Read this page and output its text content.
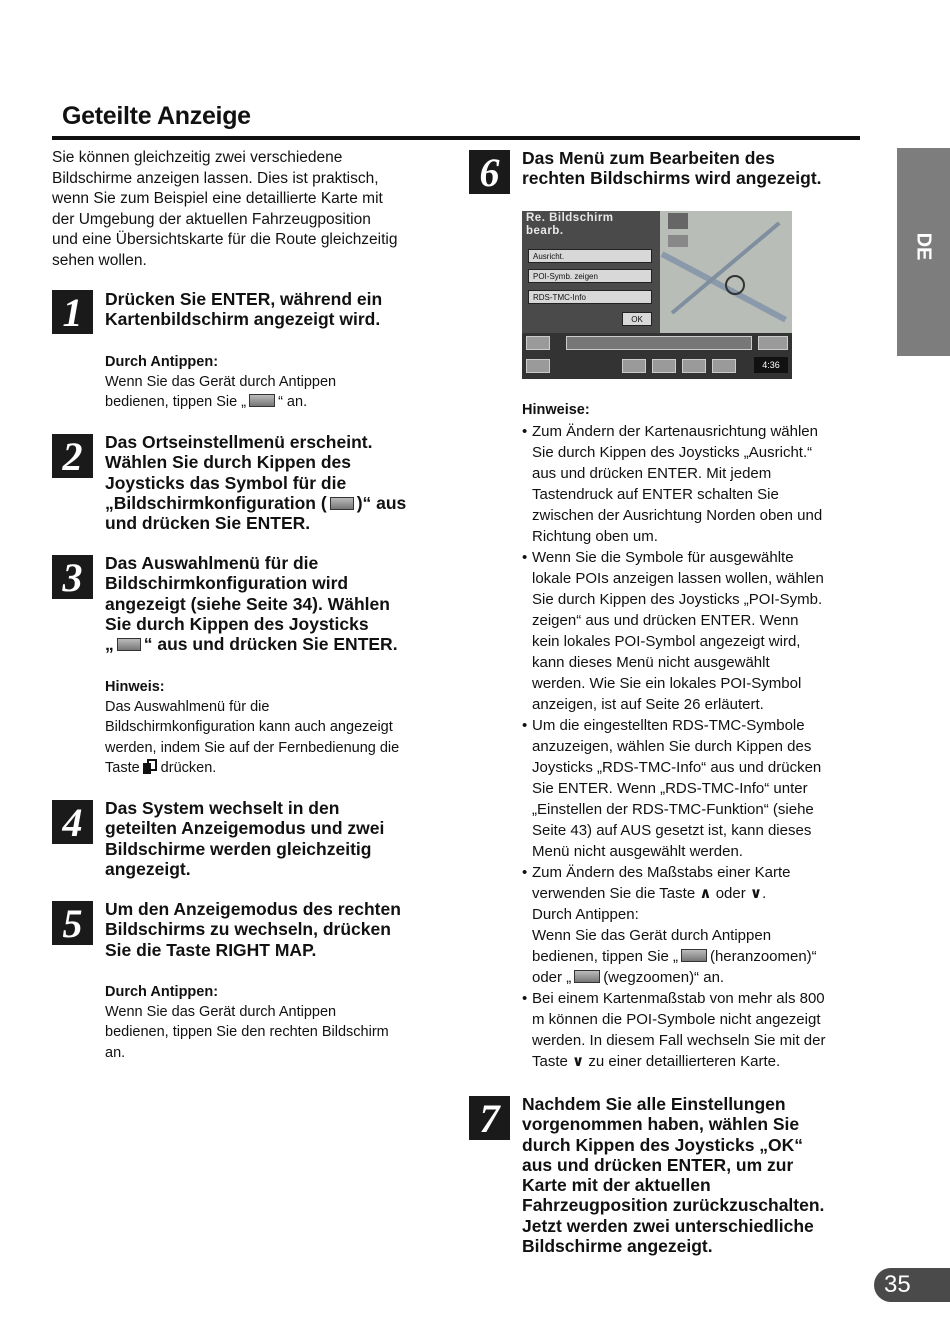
Geteilte Anzeige
DE
Sie können gleichzeitig zwei verschiedene
Bildschirme anzeigen lassen. Dies ist praktisch,
wenn Sie zum Beispiel eine detaillierte Karte mit
der Umgebung der aktuellen Fahrzeugposition
und eine Übersichtskarte für die Route gleichzeitig
sehen wollen.
1	Drücken Sie ENTER, während ein
Kartenbildschirm angezeigt wird.
Durch Antippen:
Wenn Sie das Gerät durch Antippen
bedienen, tippen Sie „ “ an.
2	Das Ortseinstellmenü erscheint.
Wählen Sie durch Kippen des
Joysticks das Symbol für die
„Bildschirmkonfiguration ( )“ aus
und drücken Sie ENTER.
3	Das Auswahlmenü für die
Bildschirmkonfiguration wird
angezeigt (siehe Seite 34). Wählen
Sie durch Kippen des Joysticks
„ “ aus und drücken Sie ENTER.
Hinweis:
Das Auswahlmenü für die
Bildschirmkonfiguration kann auch angezeigt
werden, indem Sie auf der Fernbedienung die
Taste drücken.
4	Das System wechselt in den
geteilten Anzeigemodus und zwei
Bildschirme werden gleichzeitig
angezeigt.
5	Um den Anzeigemodus des rechten
Bildschirms zu wechseln, drücken
Sie die Taste RIGHT MAP.
Durch Antippen:
Wenn Sie das Gerät durch Antippen
bedienen, tippen Sie den rechten Bildschirm
an.
6	Das Menü zum Bearbeiten des
rechten Bildschirms wird angezeigt.
Re. Bildschirm
bearb.
Ausricht.
POI-Symb. zeigen
RDS-TMC-Info
OK
4:36
Hinweise:
• Zum Ändern der Kartenausrichtung wählen
Sie durch Kippen des Joysticks „Ausricht.“
aus und drücken ENTER. Mit jedem
Tastendruck auf ENTER schalten Sie
zwischen der Ausrichtung Norden oben und
Richtung oben um.
• Wenn Sie die Symbole für ausgewählte
lokale POIs anzeigen lassen wollen, wählen
Sie durch Kippen des Joysticks „POI-Symb.
zeigen“ aus und drücken ENTER. Wenn
kein lokales POI-Symbol angezeigt wird,
kann dieses Menü nicht ausgewählt
werden. Wie Sie ein lokales POI-Symbol
anzeigen, ist auf Seite 26 erläutert.
• Um die eingestellten RDS-TMC-Symbole
anzuzeigen, wählen Sie durch Kippen des
Joysticks „RDS-TMC-Info“ aus und drücken
Sie ENTER. Wenn „RDS-TMC-Info“ unter
„Einstellen der RDS-TMC-Funktion“ (siehe
Seite 43) auf AUS gesetzt ist, kann dieses
Menü nicht ausgewählt werden.
• Zum Ändern des Maßstabs einer Karte
verwenden Sie die Taste ∧ oder ∨.
Durch Antippen:
Wenn Sie das Gerät durch Antippen
bedienen, tippen Sie „ (heranzoomen)“
oder „ (wegzoomen)“ an.
• Bei einem Kartenmaßstab von mehr als 800
m können die POI-Symbole nicht angezeigt
werden. In diesem Fall wechseln Sie mit der
Taste ∨ zu einer detaillierteren Karte.
7	Nachdem Sie alle Einstellungen
vorgenommen haben, wählen Sie
durch Kippen des Joysticks „OK“
aus und drücken ENTER, um zur
Karte mit der aktuellen
Fahrzeugposition zurückzuschalten.
Jetzt werden zwei unterschiedliche
Bildschirme angezeigt.
35
